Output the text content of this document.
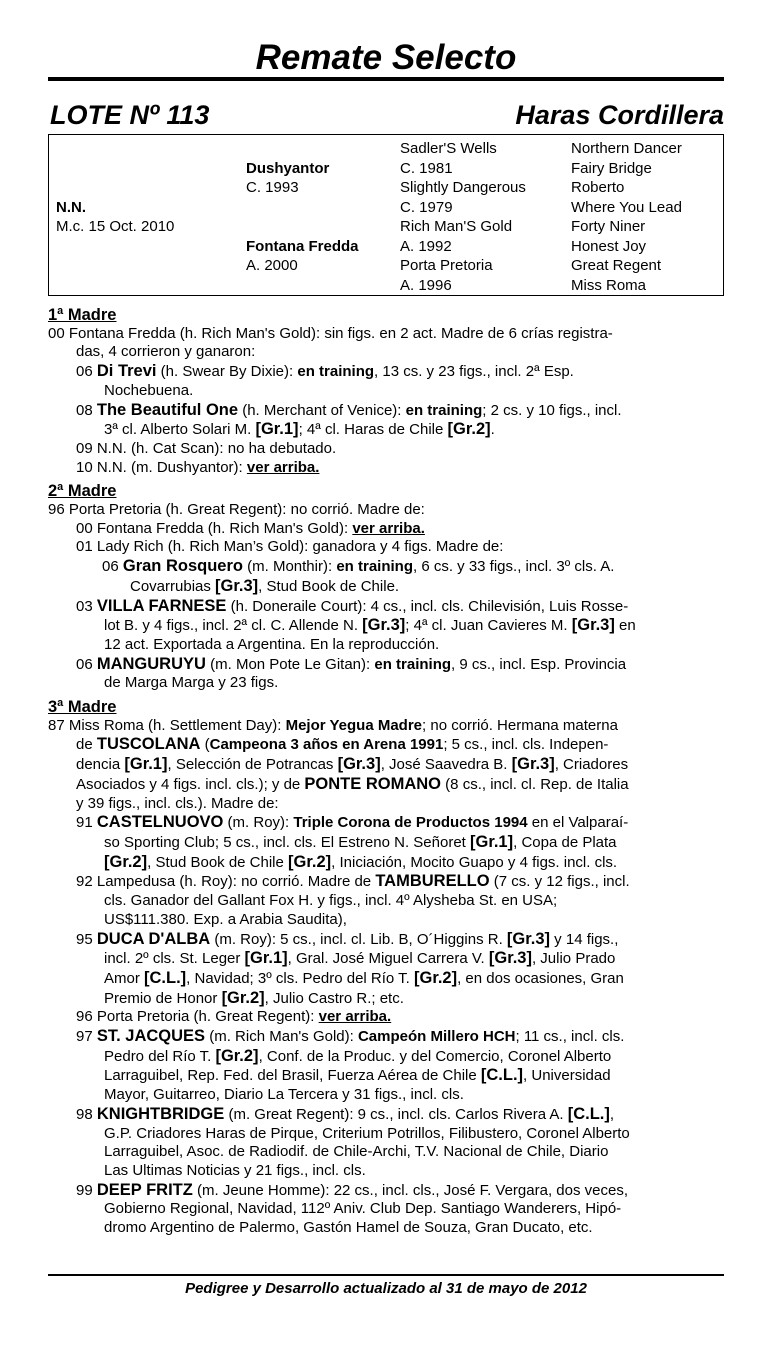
Remate Selecto
LOTE Nº 113	Haras Cordillera
N.N.
M.c. 15 Oct. 2010
Dushyantor
C. 1993
Fontana Fredda
A. 2000
Sadler'S Wells
C. 1981
Slightly Dangerous
C. 1979
Rich Man'S Gold
A. 1992
Porta Pretoria
A. 1996
Northern Dancer
Fairy Bridge
Roberto
Where You Lead
Forty Niner
Honest Joy
Great Regent
Miss Roma
1ª Madre
00 Fontana Fredda (h. Rich Man's Gold): sin figs. en 2 act. Madre de 6 crías registra-
das, 4 corrieron y ganaron:
06 Di Trevi (h. Swear By Dixie): en training, 13 cs. y 23 figs., incl. 2ª Esp.
Nochebuena.
08 The Beautiful One (h. Merchant of Venice): en training; 2 cs. y 10 figs., incl.
3ª cl. Alberto Solari M. [Gr.1]; 4ª cl. Haras de Chile [Gr.2].
09 N.N. (h. Cat Scan): no ha debutado.
10 N.N. (m. Dushyantor): ver arriba.
2ª Madre
96 Porta Pretoria (h. Great Regent): no corrió. Madre de:
00 Fontana Fredda (h. Rich Man's Gold): ver arriba.
01 Lady Rich (h. Rich Man’s Gold): ganadora y 4 figs. Madre de:
06 Gran Rosquero (m. Monthir): en training, 6 cs. y 33 figs., incl. 3º cls. A.
Covarrubias [Gr.3], Stud Book de Chile.
03 VILLA FARNESE (h. Doneraile Court): 4 cs., incl. cls. Chilevisión, Luis Rosse-
lot B. y 4 figs., incl. 2ª cl. C. Allende N. [Gr.3]; 4ª cl. Juan Cavieres M. [Gr.3] en
12 act. Exportada a Argentina. En la reproducción.
06 MANGURUYU (m. Mon Pote Le Gitan): en training, 9 cs., incl. Esp. Provincia
de Marga Marga y 23 figs.
3ª Madre
87 Miss Roma (h. Settlement Day): Mejor Yegua Madre; no corrió. Hermana materna
de TUSCOLANA (Campeona 3 años en Arena 1991; 5 cs., incl. cls. Indepen-
dencia [Gr.1], Selección de Potrancas [Gr.3], José Saavedra B. [Gr.3], Criadores
Asociados y 4 figs. incl. cls.); y de PONTE ROMANO (8 cs., incl. cl. Rep. de Italia
y 39 figs., incl. cls.). Madre de:
91 CASTELNUOVO (m. Roy): Triple Corona de Productos 1994 en el Valparaí-
so Sporting Club; 5 cs., incl. cls. El Estreno N. Señoret [Gr.1], Copa de Plata
[Gr.2], Stud Book de Chile [Gr.2], Iniciación, Mocito Guapo y 4 figs. incl. cls.
92 Lampedusa (h. Roy): no corrió. Madre de TAMBURELLO (7 cs. y 12 figs., incl.
cls. Ganador del Gallant Fox H. y figs., incl. 4º Alysheba St. en USA;
US$111.380. Exp. a Arabia Saudita),
95 DUCA D'ALBA (m. Roy): 5 cs., incl. cl. Lib. B, O´Higgins R. [Gr.3] y 14 figs.,
incl. 2º cls. St. Leger [Gr.1], Gral. José Miguel Carrera V. [Gr.3], Julio Prado
Amor [C.L.], Navidad; 3º cls. Pedro del Río T. [Gr.2], en dos ocasiones, Gran
Premio de Honor [Gr.2], Julio Castro R.; etc.
96 Porta Pretoria (h. Great Regent): ver arriba.
97 ST. JACQUES (m. Rich Man's Gold): Campeón Millero HCH; 11 cs., incl. cls.
Pedro del Río T. [Gr.2], Conf. de la Produc. y del Comercio, Coronel Alberto
Larraguibel, Rep. Fed. del Brasil, Fuerza Aérea de Chile [C.L.], Universidad
Mayor, Guitarreo, Diario La Tercera y 31 figs., incl. cls.
98 KNIGHTBRIDGE (m. Great Regent): 9 cs., incl. cls. Carlos Rivera A. [C.L.],
G.P. Criadores Haras de Pirque, Criterium Potrillos, Filibustero, Coronel Alberto
Larraguibel, Asoc. de Radiodif. de Chile-Archi, T.V. Nacional de Chile, Diario
Las Ultimas Noticias y 21 figs., incl. cls.
99 DEEP FRITZ (m. Jeune Homme): 22 cs., incl. cls., José F. Vergara, dos veces,
Gobierno Regional, Navidad, 112º Aniv. Club Dep. Santiago Wanderers, Hipó-
dromo Argentino de Palermo, Gastón Hamel de Souza, Gran Ducato, etc.
Pedigree y Desarrollo actualizado al 31 de mayo de 2012
